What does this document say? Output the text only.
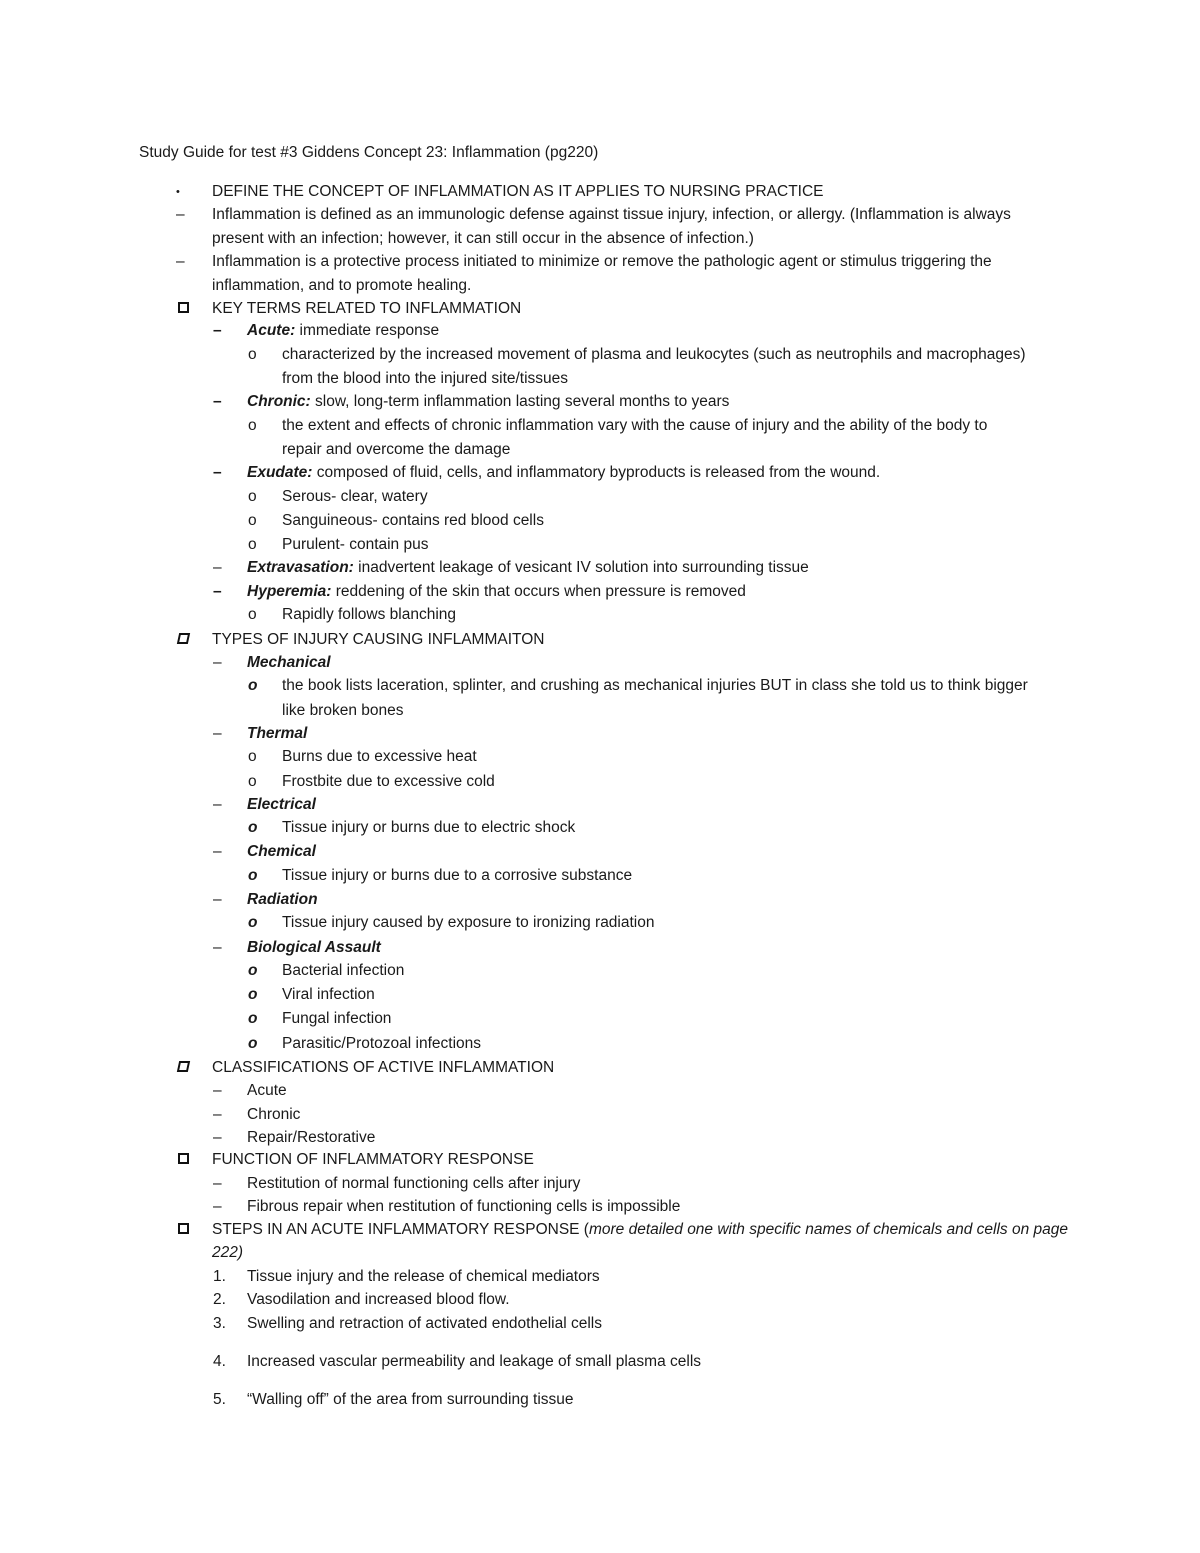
Study Guide for test #3 Giddens Concept 23: Inflammation (pg220)
• DEFINE THE CONCEPT OF INFLAMMATION AS IT APPLIES TO NURSING PRACTICE
– Inflammation is defined as an immunologic defense against tissue injury, infection, or allergy. (Inflammation is always
present with an infection; however, it can still occur in the absence of infection.)
– Inflammation is a protective process initiated to minimize or remove the pathologic agent or stimulus triggering the
inflammation, and to promote healing.
KEY TERMS RELATED TO INFLAMMATION
– Acute: immediate response
o characterized by the increased movement of plasma and leukocytes (such as neutrophils and macrophages)
from the blood into the injured site/tissues
– Chronic: slow, long-term inflammation lasting several months to years
o the extent and effects of chronic inflammation vary with the cause of injury and the ability of the body to
repair and overcome the damage
– Exudate: composed of fluid, cells, and inflammatory byproducts is released from the wound.
o Serous- clear, watery
o Sanguineous- contains red blood cells
o Purulent- contain pus
– Extravasation: inadvertent leakage of vesicant IV solution into surrounding tissue
– Hyperemia: reddening of the skin that occurs when pressure is removed
o Rapidly follows blanching
TYPES OF INJURY CAUSING INFLAMMAITON
– Mechanical
o the book lists laceration, splinter, and crushing as mechanical injuries BUT in class she told us to think bigger
like broken bones
– Thermal
o Burns due to excessive heat
o Frostbite due to excessive cold
– Electrical
o Tissue injury or burns due to electric shock
– Chemical
o Tissue injury or burns due to a corrosive substance
– Radiation
o Tissue injury caused by exposure to ironizing radiation
– Biological Assault
o Bacterial infection
o Viral infection
o Fungal infection
o Parasitic/Protozoal infections
CLASSIFICATIONS OF ACTIVE INFLAMMATION
– Acute
– Chronic
– Repair/Restorative
FUNCTION OF INFLAMMATORY RESPONSE
– Restitution of normal functioning cells after injury
– Fibrous repair when restitution of functioning cells is impossible
STEPS IN AN ACUTE INFLAMMATORY RESPONSE (more detailed one with specific names of chemicals and cells on page
222)
1. Tissue injury and the release of chemical mediators
2. Vasodilation and increased blood flow.
3. Swelling and retraction of activated endothelial cells
4. Increased vascular permeability and leakage of small plasma cells
5. “Walling off” of the area from surrounding tissue
